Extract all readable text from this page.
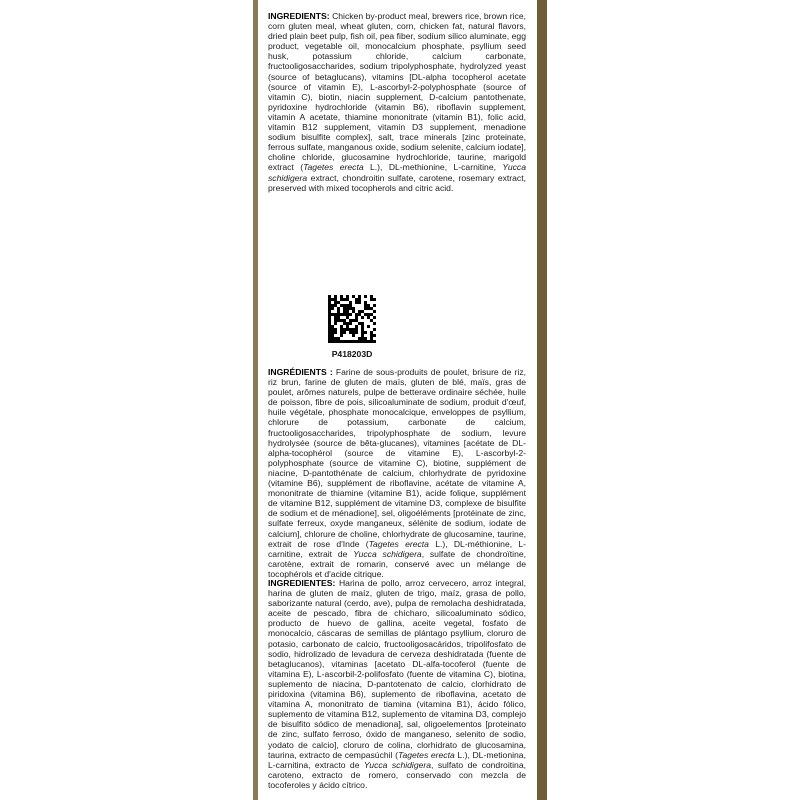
INGREDIENTS: Chicken by-product meal, brewers rice, brown rice, corn gluten meal, wheat gluten, corn, chicken fat, natural flavors, dried plain beet pulp, fish oil, pea fiber, sodium silico aluminate, egg product, vegetable oil, monocalcium phosphate, psyllium seed husk, potassium chloride, calcium carbonate, fructooligosaccharides, sodium tripolyphosphate, hydrolyzed yeast (source of betaglucans), vitamins [DL-alpha tocopherol acetate (source of vitamin E), L-ascorbyl-2-polyphosphate (source of vitamin C), biotin, niacin supplement, D-calcium pantothenate, pyridoxine hydrochloride (vitamin B6), riboflavin supplement, vitamin A acetate, thiamine mononitrate (vitamin B1), folic acid, vitamin B12 supplement, vitamin D3 supplement, menadione sodium bisulfite complex], salt, trace minerals [zinc proteinate, ferrous sulfate, manganous oxide, sodium selenite, calcium iodate], choline chloride, glucosamine hydrochloride, taurine, marigold extract (Tagetes erecta L.), DL-methionine, L-carnitine, Yucca schidigera extract, chondroitin sulfate, carotene, rosemary extract, preserved with mixed tocopherols and citric acid.
P418203D
INGRÉDIENTS : Farine de sous-produits de poulet, brisure de riz, riz brun, farine de gluten de maïs, gluten de blé, maïs, gras de poulet, arômes naturels, pulpe de betterave ordinaire séchée, huile de poisson, fibre de pois, silicoaluminate de sodium, produit d'œuf, huile végétale, phosphate monocalcique, enveloppes de psyllium, chlorure de potassium, carbonate de calcium, fructooligosaccharides, tripolyphosphate de sodium, levure hydrolysée (source de bêta-glucanes), vitamines [acétate de DL-alpha-tocophérol (source de vitamine E), L-ascorbyl-2-polyphosphate (source de vitamine C), biotine, supplément de niacine, D-pantothénate de calcium, chlorhydrate de pyridoxine (vitamine B6), supplément de riboflavine, acétate de vitamine A, mononitrate de thiamine (vitamine B1), acide folique, supplément de vitamine B12, supplément de vitamine D3, complexe de bisulfite de sodium et de ménadione], sel, oligoéléments [protéinate de zinc, sulfate ferreux, oxyde manganeux, sélénite de sodium, iodate de calcium], chlorure de choline, chlorhydrate de glucosamine, taurine, extrait de rose d'Inde (Tagetes erecta L.), DL-méthionine, L-carnitine, extrait de Yucca schidigera, sulfate de chondroïtine, carotène, extrait de romarin, conservé avec un mélange de tocophérols et d'acide citrique.
INGREDIENTES: Harina de pollo, arroz cervecero, arroz integral, harina de gluten de maíz, gluten de trigo, maíz, grasa de pollo, saborizante natural (cerdo, ave), pulpa de remolacha deshidratada, aceite de pescado, fibra de chícharo, silicoaluminato sódico, producto de huevo de gallina, aceite vegetal, fosfato de monocalcio, cáscaras de semillas de plántago psyllium, cloruro de potasio, carbonato de calcio, fructooligosacáridos, tripolifosfato de sodio, hidrolizado de levadura de cerveza deshidratada (fuente de betaglucanos), vitaminas [acetato DL-alfa-tocoferol (fuente de vitamina E), L-ascorbil-2-polifosfato (fuente de vitamina C), biotina, suplemento de niacina, D-pantotenato de calcio, clorhidrato de piridoxina (vitamina B6), suplemento de riboflavina, acetato de vitamina A, mononitrato de tiamina (vitamina B1), ácido fólico, suplemento de vitamina B12, suplemento de vitamina D3, complejo de bisulfito sódico de menadiona], sal, oligoelementos [proteinato de zinc, sulfato ferroso, óxido de manganeso, selenito de sodio, yodato de calcio], cloruro de colina, clorhidrato de glucosamina, taurina, extracto de cempasúchil (Tagetes erecta L.), DL-metionina, L-carnitina, extracto de Yucca schidigera, sulfato de condroitina, caroteno, extracto de romero, conservado con mezcla de tocoferoles y ácido cítrico.
